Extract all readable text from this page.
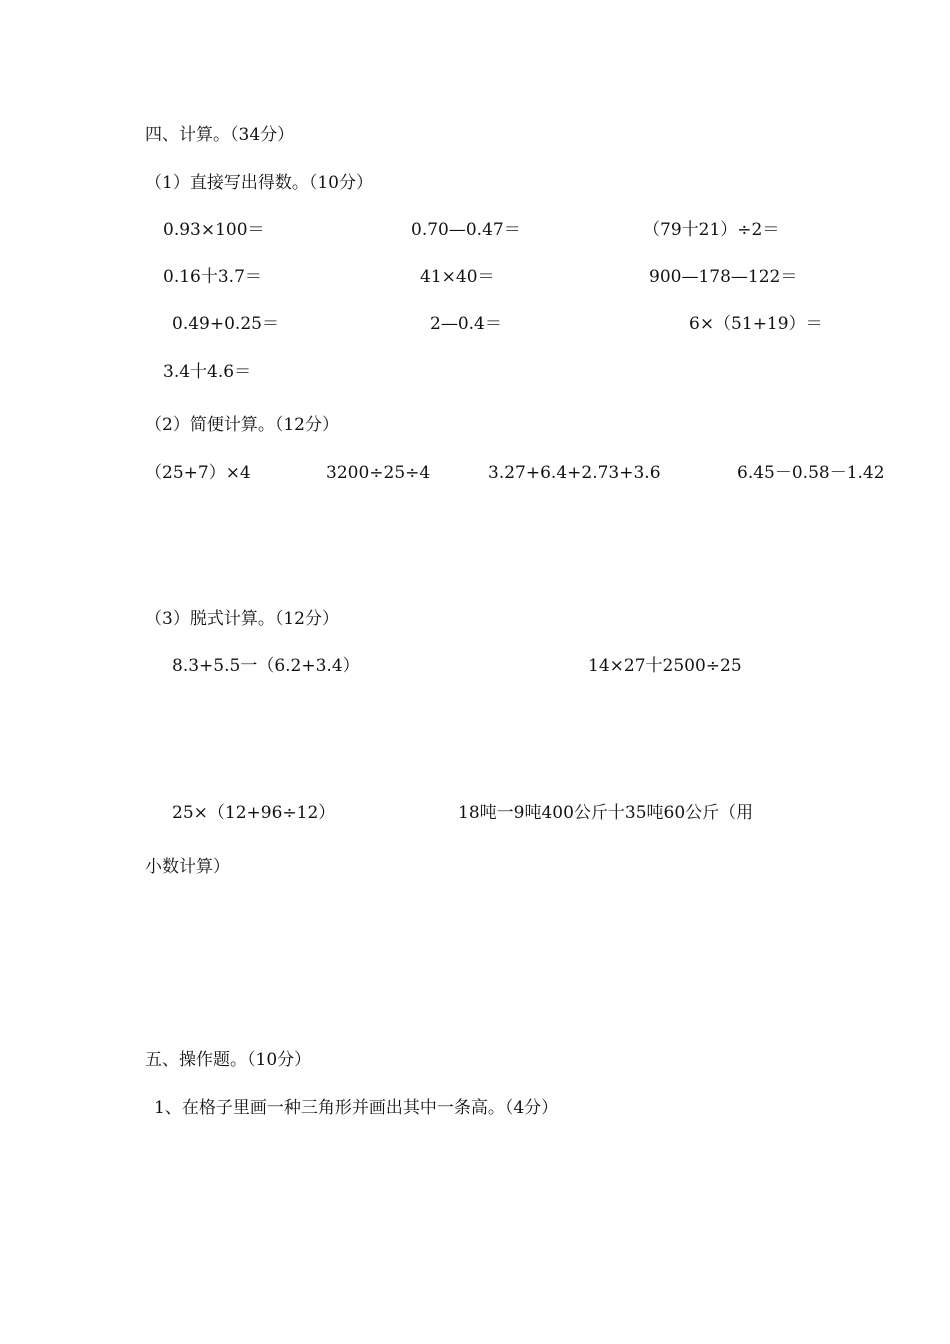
四、计算。（34分）
（1）直接写出得数。（10分）
0.93×100＝	0.70—0.47＝	（79十21）÷2＝
0.16十3.7＝	41×40＝	900—178—122＝
0.49+0.25＝	2—0.4＝	6×（51+19）＝
3.4十4.6＝
（2）简便计算。（12分）
（25+7）×4	3200÷25÷4	3.27+6.4+2.73+3.6	6.45－0.58－1.42
（3）脱式计算。（12分）
8.3+5.5一（6.2+3.4）	14×27十2500÷25
25×（12+96÷12）	18吨一9吨400公斤十35吨60公斤（用
小数计算）
五、操作题。（10分）
1、在格子里画一种三角形并画出其中一条高。（4分）
